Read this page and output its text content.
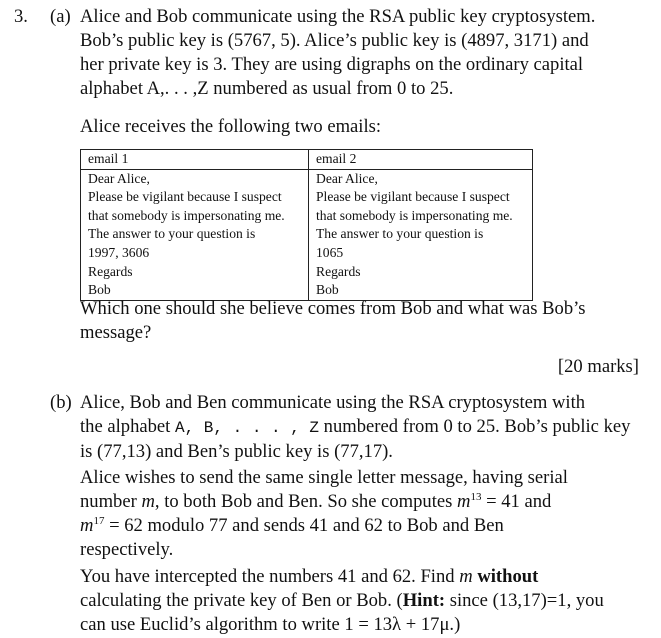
3. (a) Alice and Bob communicate using the RSA public key cryptosystem.
Bob’s public key is (5767, 5). Alice’s public key is (4897, 3171) and
her private key is 3. They are using digraphs on the ordinary capital
alphabet A,. . . ,Z numbered as usual from 0 to 25.
Alice receives the following two emails:
email 1	email 2

Dear Alice,	Dear Alice,

Please be vigilant because I suspect	Please be vigilant because I suspect

that somebody is impersonating me.	that somebody is impersonating me.

The answer to your question is	The answer to your question is

1997, 3606	1065

Regards	Regards

Bob	Bob
Which one should she believe comes from Bob and what was Bob’s
message?
[20 marks]
(b) Alice, Bob and Ben communicate using the RSA cryptosystem with
the alphabet A, B, . . . , Z numbered from 0 to 25. Bob’s public key
is (77,13) and Ben’s public key is (77,17).
Alice wishes to send the same single letter message, having serial
number m, to both Bob and Ben. So she computes $m^{13} = 41$ and
$m^{17} = 62$ modulo 77 and sends 41 and 62 to Bob and Ben
respectively.
You have intercepted the numbers 41 and 62. Find m without
calculating the private key of Ben or Bob. (Hint: since (13,17)=1, you
can use Euclid’s algorithm to write 1 = 13λ + 17μ.)
